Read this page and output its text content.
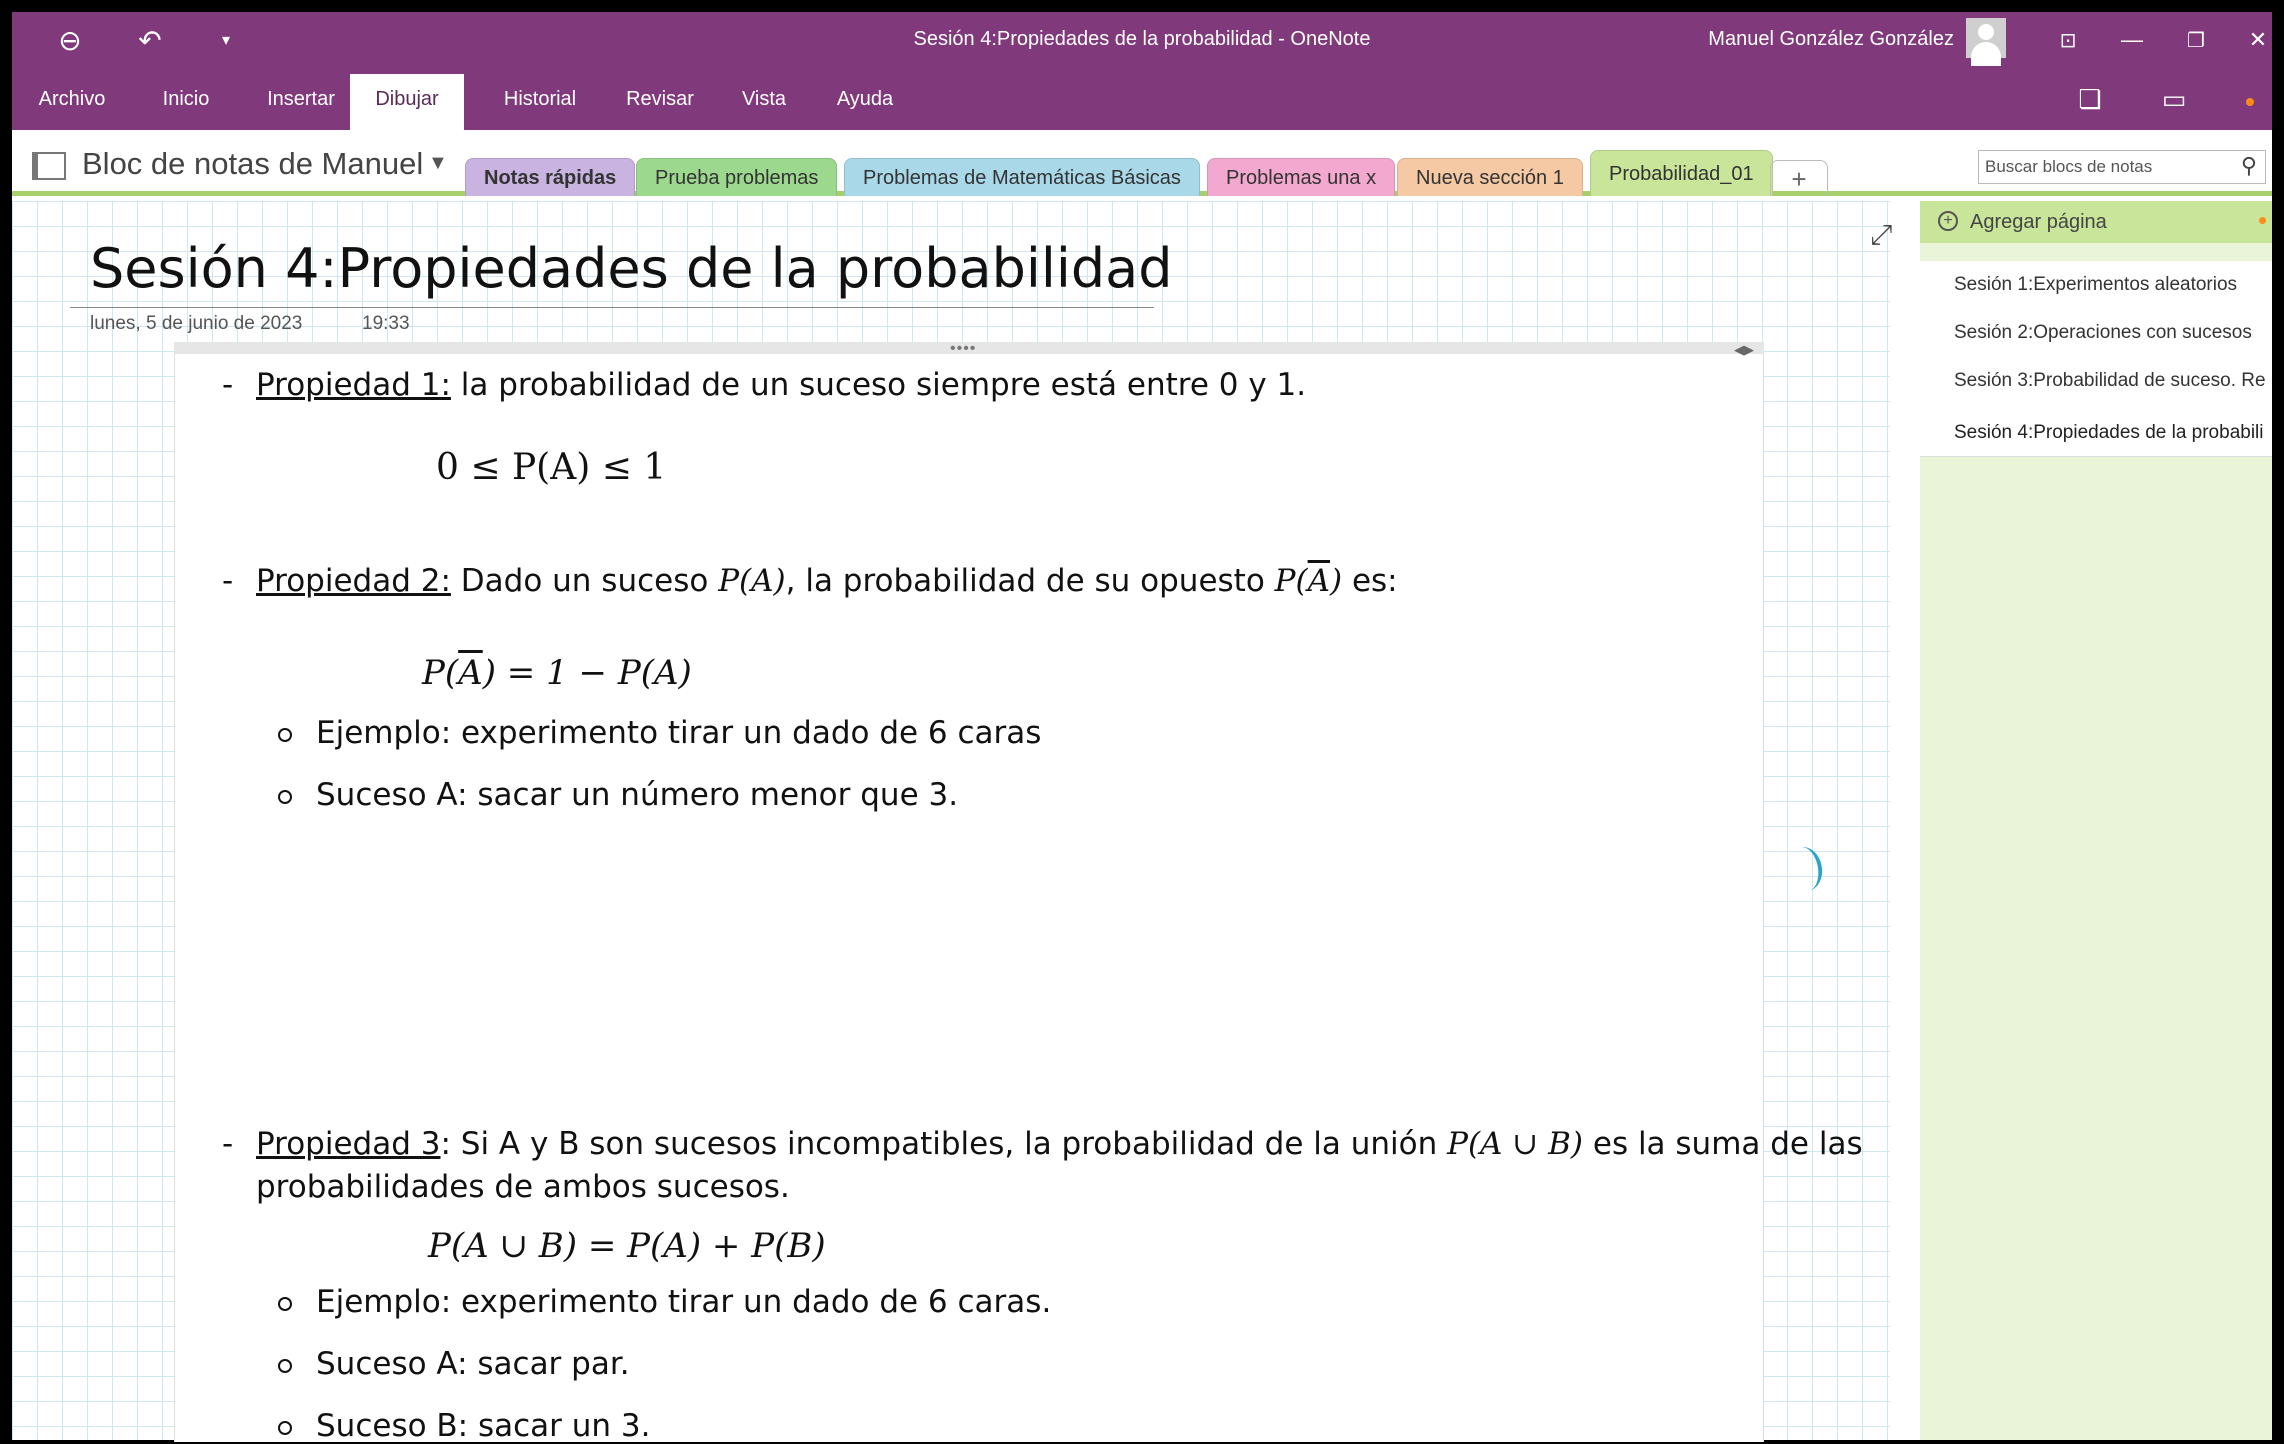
⊖ ↶	▾	Sesión 4:Propiedades de la probabilidad - OneNote	Manuel González González	⊡	—	❐	✕
Archivo	Inicio	Insertar	Dibujar	Historial	Revisar	Vista	Ayuda	❏ ▭
Bloc de notas de Manuel ▼
Notas rápidas	Prueba problemas	Problemas de Matemáticas Básicas	Problemas una x	Nueva sección 1	Probabilidad_01	+	Buscar blocs de notas	⚲
Sesión 4:Propiedades de la probabilidad
lunes, 5 de junio de 2023	19:33
⤢
••••	◀▶
- Propiedad 1: la probabilidad de un suceso siempre está entre 0 y 1.
0 ≤ P(A) ≤ 1
- Propiedad 2: Dado un suceso P(A), la probabilidad de su opuesto $P(\overline{A})$ es:
$P(\overline{A}) = 1 - P(A)$
Ejemplo: experimento tirar un dado de 6 caras
Suceso A: sacar un número menor que 3.
- Propiedad 3: Si A y B son sucesos incompatibles, la probabilidad de la unión P(A ∪ B) es la suma de las
probabilidades de ambos sucesos.
P(A ∪ B) = P(A) + P(B)
Ejemplo: experimento tirar un dado de 6 caras.
Suceso A: sacar par.
Suceso B: sacar un 3.
+ Agregar página
Sesión 1:Experimentos aleatorios
Sesión 2:Operaciones con sucesos
Sesión 3:Probabilidad de suceso. Re
Sesión 4:Propiedades de la probabili
